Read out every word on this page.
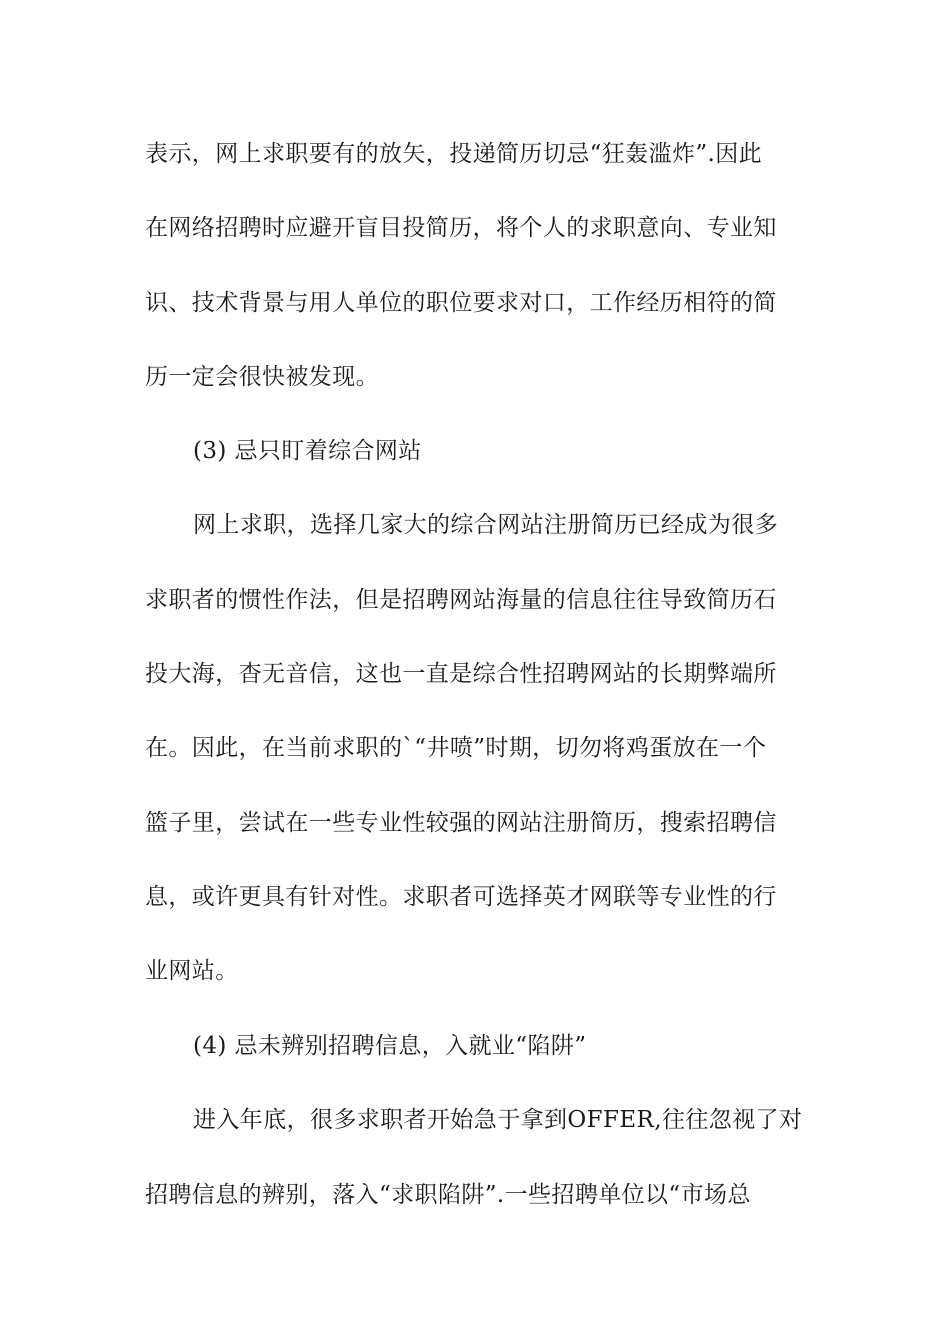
表示，网上求职要有的放矢，投递简历切忌“狂轰滥炸”.因此
在网络招聘时应避开盲目投简历，将个人的求职意向、专业知
识、技术背景与用人单位的职位要求对口，工作经历相符的简
历一定会很快被发现。
(3) 忌只盯着综合网站
网上求职，选择几家大的综合网站注册简历已经成为很多
求职者的惯性作法，但是招聘网站海量的信息往往导致简历石
投大海，杳无音信，这也一直是综合性招聘网站的长期弊端所
在。因此，在当前求职的`“井喷”时期，切勿将鸡蛋放在一个
篮子里，尝试在一些专业性较强的网站注册简历，搜索招聘信
息，或许更具有针对性。求职者可选择英才网联等专业性的行
业网站。
(4) 忌未辨别招聘信息，入就业“陷阱”
进入年底，很多求职者开始急于拿到OFFER,往往忽视了对
招聘信息的辨别，落入“求职陷阱”.一些招聘单位以“市场总
